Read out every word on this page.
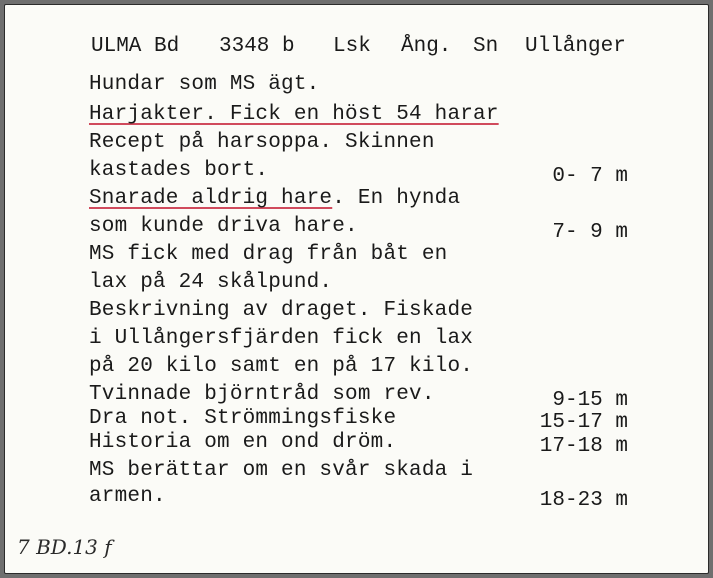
ULMA Bd 3348 b Lsk Ång. Sn Ullånger
Hundar som MS ägt.
Harjakter. Fick en höst 54 harar
Recept på harsoppa. Skinnen
kastades bort.
Snarade aldrig hare. En hynda
som kunde driva hare.
MS fick med drag från båt en
lax på 24 skålpund.
Beskrivning av draget. Fiskade
i Ullångersfjärden fick en lax
på 20 kilo samt en på 17 kilo.
Tvinnade björntråd som rev.
Dra not. Strömmingsfiske
Historia om en ond dröm.
MS berättar om en svår skada i
armen.
0- 7 m
7- 9 m
9-15 m
15-17 m
17-18 m
18-23 m
7 BD.13 f
